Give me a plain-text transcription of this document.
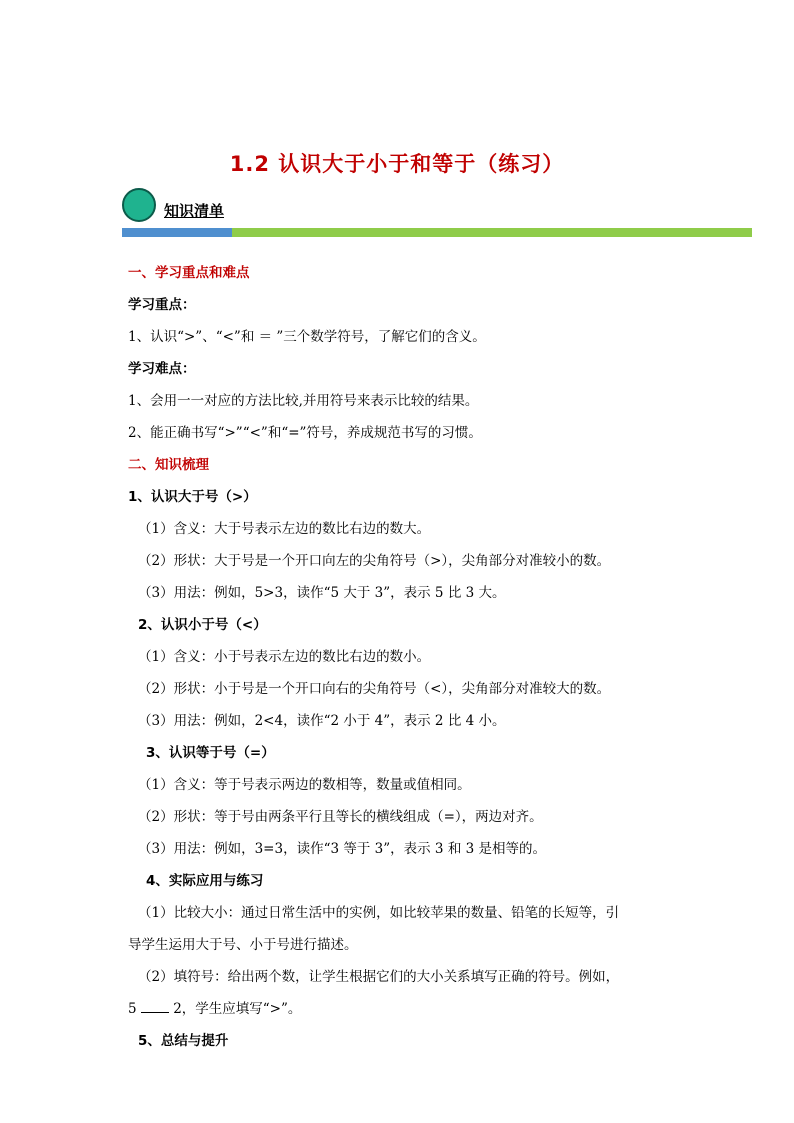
1.2 认识大于小于和等于（练习）
知识清单
一、学习重点和难点
学习重点：
1、认识“>”、“<”和 ＝ ”三个数学符号，了解它们的含义。
学习难点：
1、会用一一对应的方法比较,并用符号来表示比较的结果。
2、能正确书写“>”“<”和“=”符号，养成规范书写的习惯。
二、知识梳理
1、认识大于号（>）
（1）含义：大于号表示左边的数比右边的数大。
（2）形状：大于号是一个开口向左的尖角符号（>），尖角部分对准较小的数。
（3）用法：例如，5>3，读作“5 大于 3”，表示 5 比 3 大。
2、认识小于号（<）
（1）含义：小于号表示左边的数比右边的数小。
（2）形状：小于号是一个开口向右的尖角符号（<），尖角部分对准较大的数。
（3）用法：例如，2<4，读作“2 小于 4”，表示 2 比 4 小。
3、认识等于号（=）
（1）含义：等于号表示两边的数相等，数量或值相同。
（2）形状：等于号由两条平行且等长的横线组成（=），两边对齐。
（3）用法：例如，3=3，读作“3 等于 3”，表示 3 和 3 是相等的。
4、实际应用与练习
（1）比较大小：通过日常生活中的实例，如比较苹果的数量、铅笔的长短等，引
导学生运用大于号、小于号进行描述。
（2）填符号：给出两个数，让学生根据它们的大小关系填写正确的符号。例如，
5	2，学生应填写“>”。
5、总结与提升
